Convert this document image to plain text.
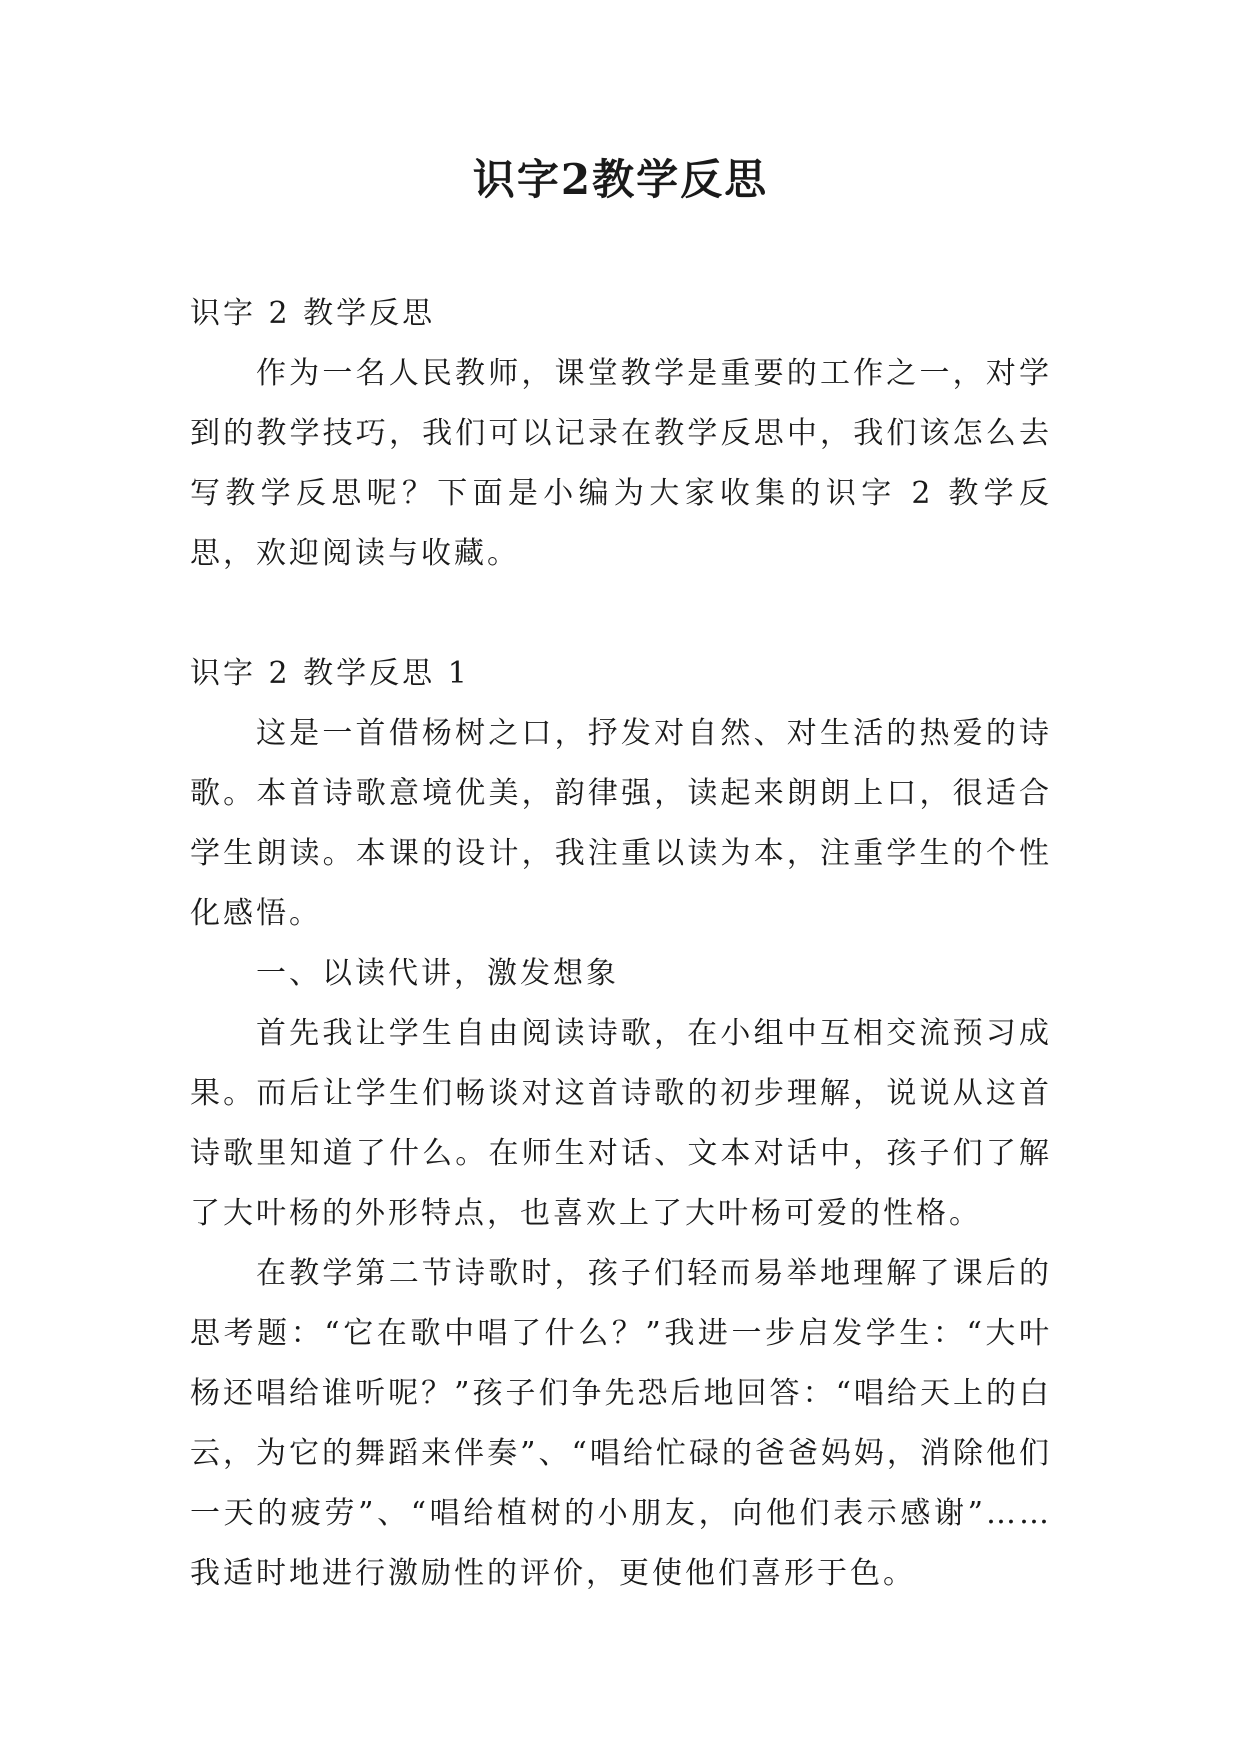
识字2教学反思

识字 2 教学反思

作为一名人民教师，课堂教学是重要的工作之一，对学到的教学技巧，我们可以记录在教学反思中，我们该怎么去写教学反思呢？下面是小编为大家收集的识字 2 教学反思，欢迎阅读与收藏。

识字 2 教学反思 1

这是一首借杨树之口，抒发对自然、对生活的热爱的诗歌。本首诗歌意境优美，韵律强，读起来朗朗上口，很适合学生朗读。本课的设计，我注重以读为本，注重学生的个性化感悟。

一、以读代讲，激发想象

首先我让学生自由阅读诗歌，在小组中互相交流预习成果。而后让学生们畅谈对这首诗歌的初步理解，说说从这首诗歌里知道了什么。在师生对话、文本对话中，孩子们了解了大叶杨的外形特点，也喜欢上了大叶杨可爱的性格。

在教学第二节诗歌时，孩子们轻而易举地理解了课后的思考题：“它在歌中唱了什么？”我进一步启发学生：“大叶杨还唱给谁听呢？”孩子们争先恐后地回答：“唱给天上的白云，为它的舞蹈来伴奏”、“唱给忙碌的爸爸妈妈，消除他们一天的疲劳”、“唱给植树的小朋友，向他们表示感谢”……我适时地进行激励性的评价，更使他们喜形于色。
